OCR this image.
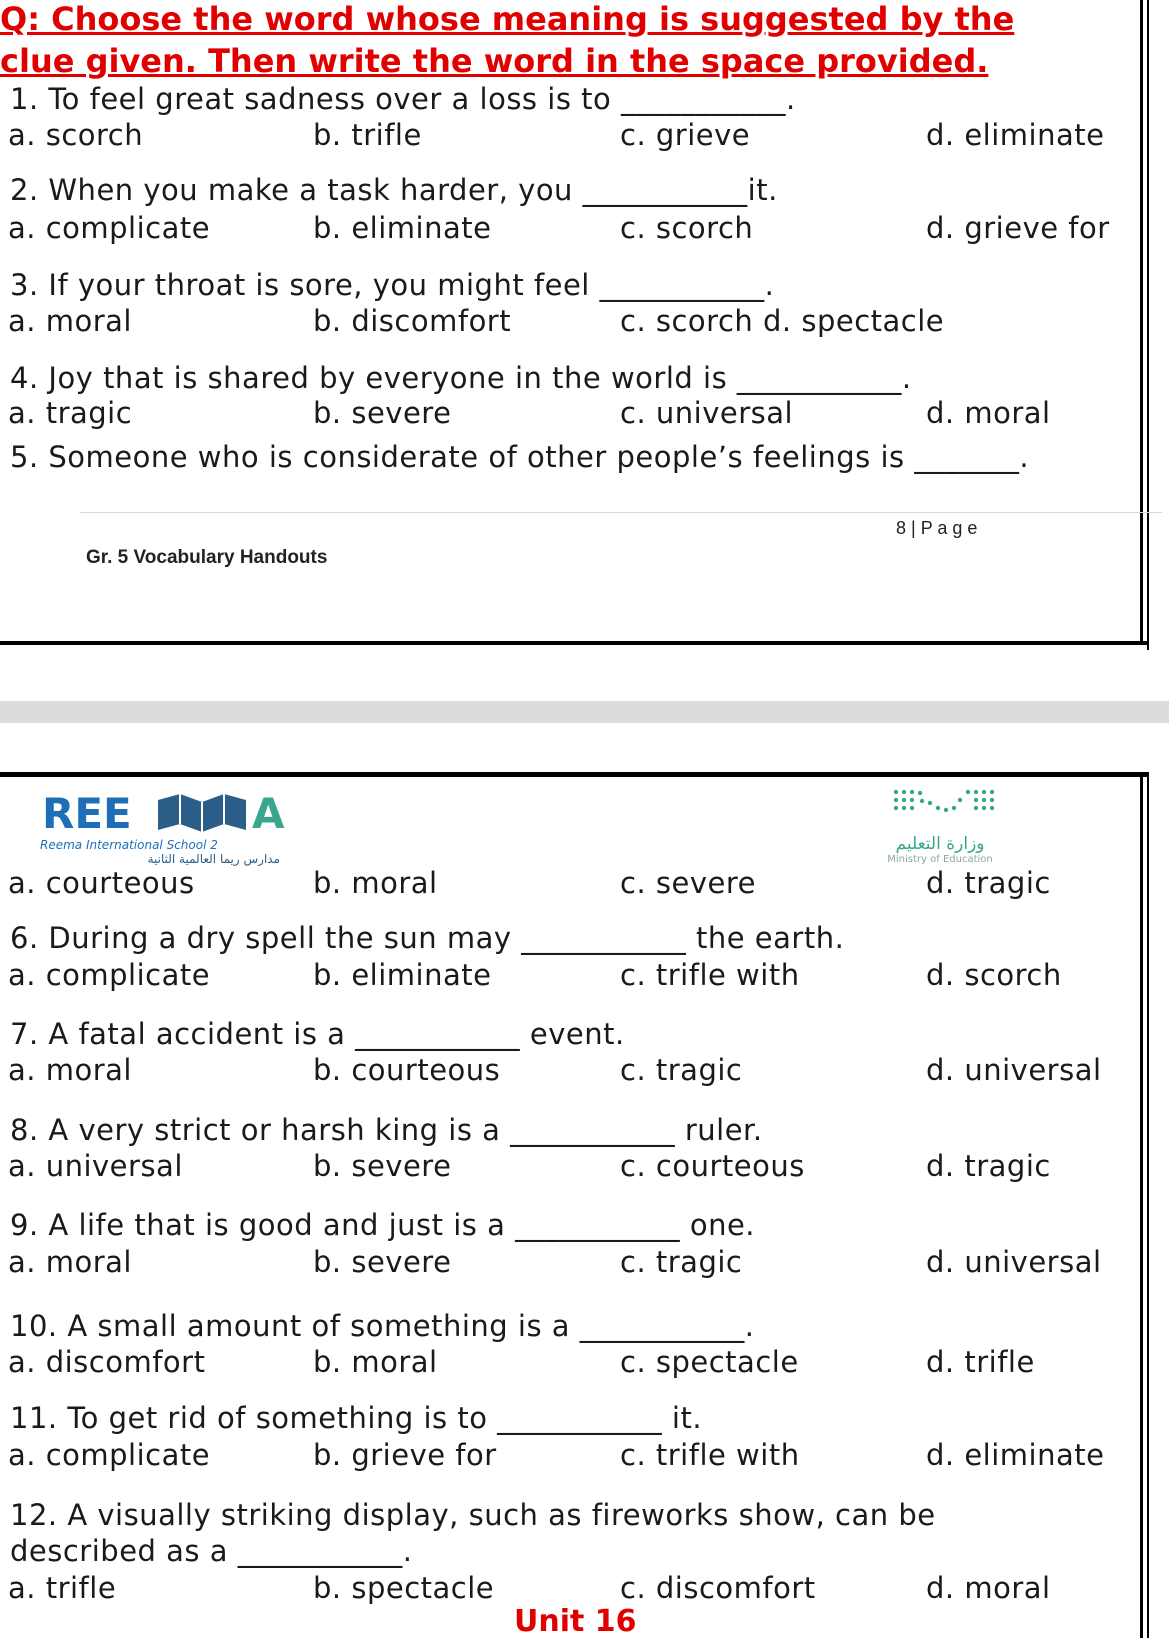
Q: Choose the word whose meaning is suggested by the
clue given. Then write the word in the space provided.
1. To feel great sadness over a loss is to ___________.
a. scorch	b. trifle	c. grieve	d. eliminate
2. When you make a task harder, you ___________it.
a. complicate	b. eliminate	c. scorch	d. grieve for
3. If your throat is sore, you might feel ___________.
a. moral	b. discomfort	c. scorch d. spectacle
4. Joy that is shared by everyone in the world is ___________.
a. tragic	b. severe	c. universal	d. moral
5. Someone who is considerate of other people’s feelings is _______.
8 | P a g e
Gr. 5 Vocabulary Handouts
REE	A
Reema International School 2
مدارس ريما العالمية الثانية
وزارة التعليم
Ministry of Education
a. courteous	b. moral	c. severe	d. tragic
6. During a dry spell the sun may ___________ the earth.
a. complicate	b. eliminate	c. trifle with	d. scorch
7. A fatal accident is a ___________ event.
a. moral	b. courteous	c. tragic	d. universal
8. A very strict or harsh king is a ___________ ruler.
a. universal	b. severe	c. courteous	d. tragic
9. A life that is good and just is a ___________ one.
a. moral	b. severe	c. tragic	d. universal
10. A small amount of something is a ___________.
a. discomfort	b. moral	c. spectacle	d. trifle
11. To get rid of something is to ___________ it.
a. complicate	b. grieve for	c. trifle with	d. eliminate
12. A visually striking display, such as fireworks show, can be
described as a ___________.
a. trifle	b. spectacle	c. discomfort	d. moral
Unit 16
